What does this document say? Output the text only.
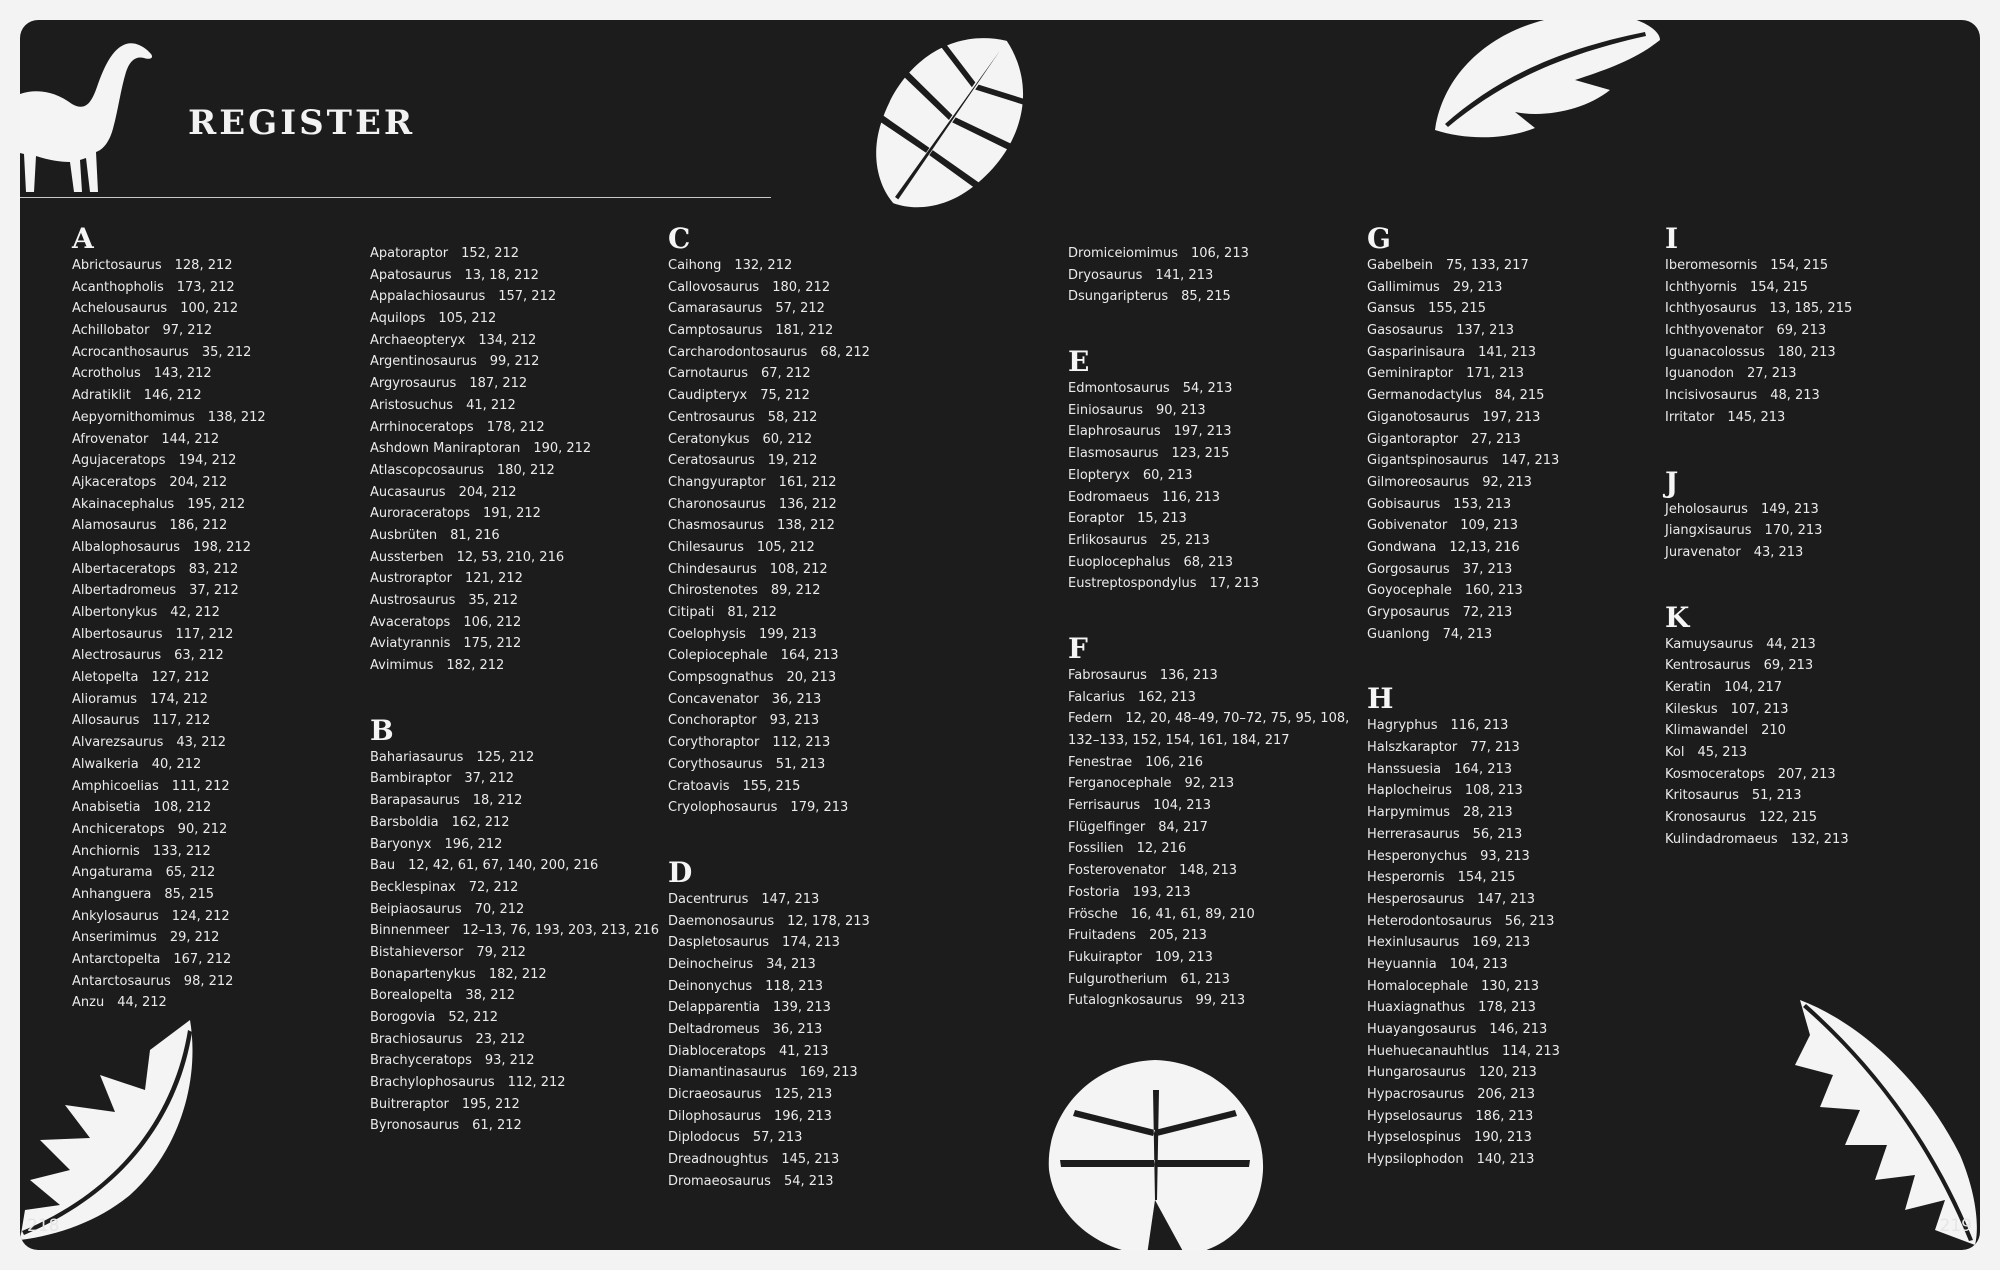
REGISTER
A
Abrictosaurus 128, 212
Acanthopholis 173, 212
Achelousaurus 100, 212
Achillobator 97, 212
Acrocanthosaurus 35, 212
Acrotholus 143, 212
Adratiklit 146, 212
Aepyornithomimus 138, 212
Afrovenator 144, 212
Agujaceratops 194, 212
Ajkaceratops 204, 212
Akainacephalus 195, 212
Alamosaurus 186, 212
Albalophosaurus 198, 212
Albertaceratops 83, 212
Albertadromeus 37, 212
Albertonykus 42, 212
Albertosaurus 117, 212
Alectrosaurus 63, 212
Aletopelta 127, 212
Alioramus 174, 212
Allosaurus 117, 212
Alvarezsaurus 43, 212
Alwalkeria 40, 212
Amphicoelias 111, 212
Anabisetia 108, 212
Anchiceratops 90, 212
Anchiornis 133, 212
Angaturama 65, 212
Anhanguera 85, 215
Ankylosaurus 124, 212
Anserimimus 29, 212
Antarctopelta 167, 212
Antarctosaurus 98, 212
Anzu 44, 212
Apatoraptor 152, 212
Apatosaurus 13, 18, 212
Appalachiosaurus 157, 212
Aquilops 105, 212
Archaeopteryx 134, 212
Argentinosaurus 99, 212
Argyrosaurus 187, 212
Aristosuchus 41, 212
Arrhinoceratops 178, 212
Ashdown Maniraptoran 190, 212
Atlascopcosaurus 180, 212
Aucasaurus 204, 212
Auroraceratops 191, 212
Ausbrüten 81, 216
Aussterben 12, 53, 210, 216
Austroraptor 121, 212
Austrosaurus 35, 212
Avaceratops 106, 212
Aviatyrannis 175, 212
Avimimus 182, 212
B
Bahariasaurus 125, 212
Bambiraptor 37, 212
Barapasaurus 18, 212
Barsboldia 162, 212
Baryonyx 196, 212
Bau 12, 42, 61, 67, 140, 200, 216
Becklespinax 72, 212
Beipiaosaurus 70, 212
Binnenmeer 12–13, 76, 193, 203, 213, 216
Bistahieversor 79, 212
Bonapartenykus 182, 212
Borealopelta 38, 212
Borogovia 52, 212
Brachiosaurus 23, 212
Brachyceratops 93, 212
Brachylophosaurus 112, 212
Buitreraptor 195, 212
Byronosaurus 61, 212
C
Caihong 132, 212
Callovosaurus 180, 212
Camarasaurus 57, 212
Camptosaurus 181, 212
Carcharodontosaurus 68, 212
Carnotaurus 67, 212
Caudipteryx 75, 212
Centrosaurus 58, 212
Ceratonykus 60, 212
Ceratosaurus 19, 212
Changyuraptor 161, 212
Charonosaurus 136, 212
Chasmosaurus 138, 212
Chilesaurus 105, 212
Chindesaurus 108, 212
Chirostenotes 89, 212
Citipati 81, 212
Coelophysis 199, 213
Colepiocephale 164, 213
Compsognathus 20, 213
Concavenator 36, 213
Conchoraptor 93, 213
Corythoraptor 112, 213
Corythosaurus 51, 213
Cratoavis 155, 215
Cryolophosaurus 179, 213
D
Dacentrurus 147, 213
Daemonosaurus 12, 178, 213
Daspletosaurus 174, 213
Deinocheirus 34, 213
Deinonychus 118, 213
Delapparentia 139, 213
Deltadromeus 36, 213
Diabloceratops 41, 213
Diamantinasaurus 169, 213
Dicraeosaurus 125, 213
Dilophosaurus 196, 213
Diplodocus 57, 213
Dreadnoughtus 145, 213
Dromaeosaurus 54, 213
Dromiceiomimus 106, 213
Dryosaurus 141, 213
Dsungaripterus 85, 215
E
Edmontosaurus 54, 213
Einiosaurus 90, 213
Elaphrosaurus 197, 213
Elasmosaurus 123, 215
Elopteryx 60, 213
Eodromaeus 116, 213
Eoraptor 15, 213
Erlikosaurus 25, 213
Euoplocephalus 68, 213
Eustreptospondylus 17, 213
F
Fabrosaurus 136, 213
Falcarius 162, 213
Federn 12, 20, 48–49, 70–72, 75, 95, 108, 132–133, 152, 154, 161, 184, 217
Fenestrae 106, 216
Ferganocephale 92, 213
Ferrisaurus 104, 213
Flügelfinger 84, 217
Fossilien 12, 216
Fosterovenator 148, 213
Fostoria 193, 213
Frösche 16, 41, 61, 89, 210
Fruitadens 205, 213
Fukuiraptor 109, 213
Fulgurotherium 61, 213
Futalognkosaurus 99, 213
G
Gabelbein 75, 133, 217
Gallimimus 29, 213
Gansus 155, 215
Gasosaurus 137, 213
Gasparinisaura 141, 213
Geminiraptor 171, 213
Germanodactylus 84, 215
Giganotosaurus 197, 213
Gigantoraptor 27, 213
Gigantspinosaurus 147, 213
Gilmoreosaurus 92, 213
Gobisaurus 153, 213
Gobivenator 109, 213
Gondwana 12,13, 216
Gorgosaurus 37, 213
Goyocephale 160, 213
Gryposaurus 72, 213
Guanlong 74, 213
H
Hagryphus 116, 213
Halszkaraptor 77, 213
Hanssuesia 164, 213
Haplocheirus 108, 213
Harpymimus 28, 213
Herrerasaurus 56, 213
Hesperonychus 93, 213
Hesperornis 154, 215
Hesperosaurus 147, 213
Heterodontosaurus 56, 213
Hexinlusaurus 169, 213
Heyuannia 104, 213
Homalocephale 130, 213
Huaxiagnathus 178, 213
Huayangosaurus 146, 213
Huehuecanauhtlus 114, 213
Hungarosaurus 120, 213
Hypacrosaurus 206, 213
Hypselosaurus 186, 213
Hypselospinus 190, 213
Hypsilophodon 140, 213
I
Iberomesornis 154, 215
Ichthyornis 154, 215
Ichthyosaurus 13, 185, 215
Ichthyovenator 69, 213
Iguanacolossus 180, 213
Iguanodon 27, 213
Incisivosaurus 48, 213
Irritator 145, 213
J
Jeholosaurus 149, 213
Jiangxisaurus 170, 213
Juravenator 43, 213
K
Kamuysaurus 44, 213
Kentrosaurus 69, 213
Keratin 104, 217
Kileskus 107, 213
Klimawandel 210
Kol 45, 213
Kosmoceratops 207, 213
Kritosaurus 51, 213
Kronosaurus 122, 215
Kulindadromaeus 132, 213
218	219
